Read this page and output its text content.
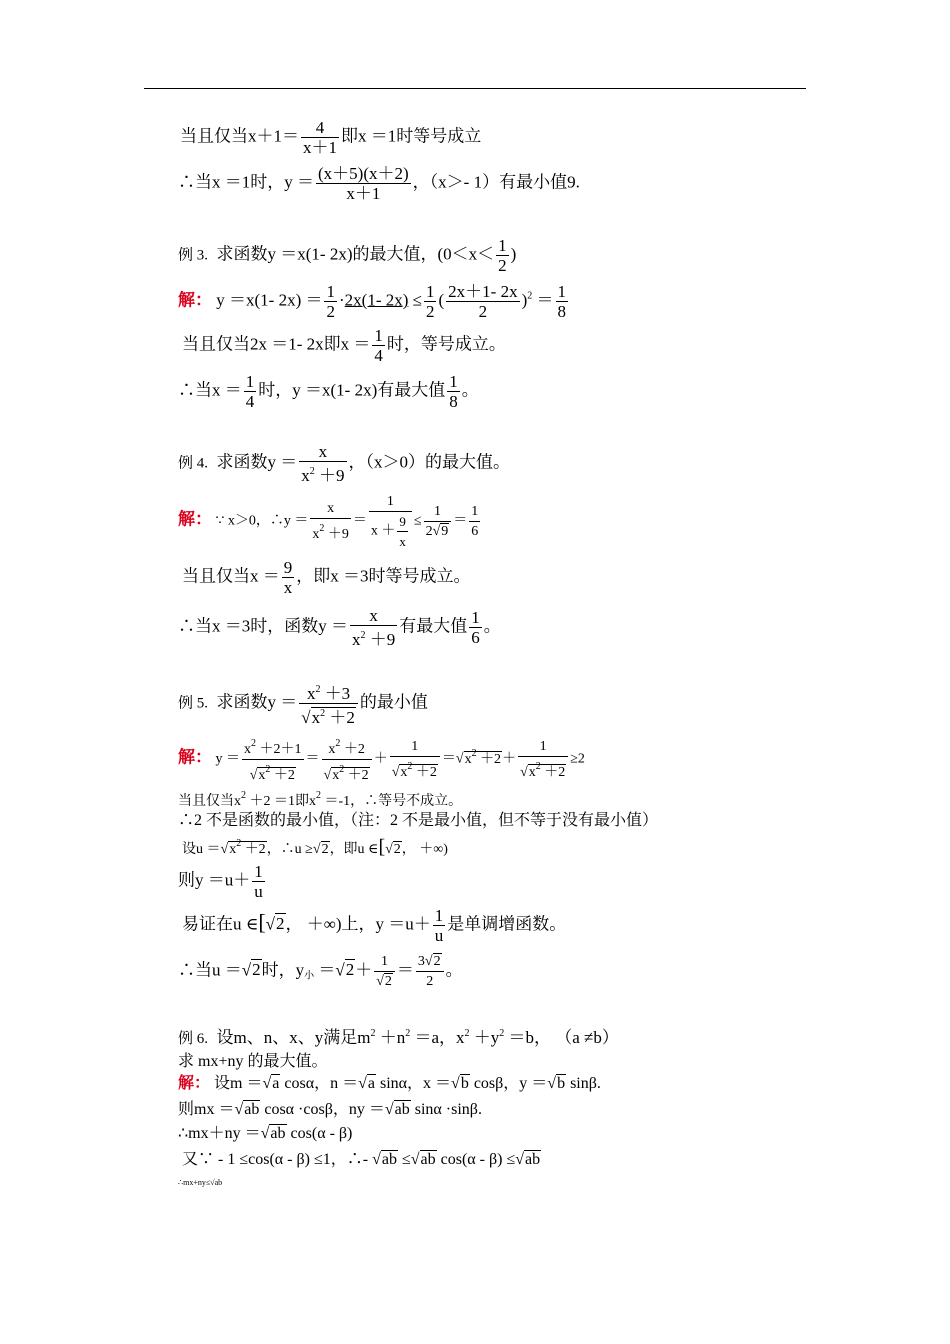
当且仅当$x+1= \frac{4}{x+1}$ 即x ＝1时等号成立
∴当x ＝1时，$y = \frac{(x+5)(x+2)}{x+1}$ ，（x＞- 1）有最小值9.
例 3. 求函数y ＝x(1- 2x)的最大值，($0<x< \frac{1}{2}$ )
解： y ＝x(1- $2x) = \frac{1}{2} \cdot 2x(1-$ $2x) \le \frac{1}{2}$ ( $\frac{2x+1- 2x}{2} )^2 = \frac{1}{8}$
当且仅当2x ＝1- 2x即$x = \frac{1}{4}$ 时，等号成立。
∴当$x = \frac{1}{4}$ 时，y ＝x(1- 2x)有最大值 $\frac{1}{8}$ 。
例 4. 求函数$y = \frac{x}{x^2 +9}$ ，（x＞0）的最大值。
解： ∵ x＞0，∴y ＝ $\frac{x}{x^2 +9} = \frac{1}{x + \frac{9}{x}} \le \frac{1}{2√9} = \frac{1}{6}$
当且仅当$x = \frac{9}{x}$ ，即x ＝3时等号成立。
∴当x ＝3时，函数$y = \frac{x}{x^2 +9}$ 有最大值 $\frac{1}{6}$ 。
例 5. 求函数$y = \frac{x^2 +3}{√x^2 +2}$ 的最小值
解： $y = \frac{x^2 +2+1}{√x^2 +2} = \frac{x^2 +2}{√x^2 +2} + \frac{1}{√x^2 +2} =√x^2 +2+ \frac{1}{√x^2 +2} \ge 2$
当且仅当$x^2 +2 =1$即$x^2 =-1$，∴等号不成立。
∴2 不是函数的最小值，（注：2 不是最小值，但不等于没有最小值）
设$u =√x^2 +2$，∴u ≥√2，即u ∈[√2， ＋∞)
则$y =u+ \frac{1}{u}$
易证在u ∈[√2， ＋∞)上，$y =u+ \frac{1}{u}$ 是单调增函数。
∴当u ＝√2时，$y_小 =√2+ \frac{1}{√2} = \frac{3√2}{2}$ 。
例 6. 设m、n、x、y满足$m^2 +n^2 =a$，$x^2 +y^2 =b$， （a ≠b）
求 mx+ny 的最大值。
解： 设m ＝√a cosα，n ＝√a sinα，x ＝√b cosβ，y ＝√b sinβ.
则mx ＝√ab cosα ·cosβ，ny ＝√ab sinα ·sinβ.
∴mx＋ny ＝√ab cos(α - β)
又∵ - 1 ≤cos(α - β) ≤1，∴- √ab ≤√ab cos(α - β) ≤√ab
∴mx+ny≤√ab
